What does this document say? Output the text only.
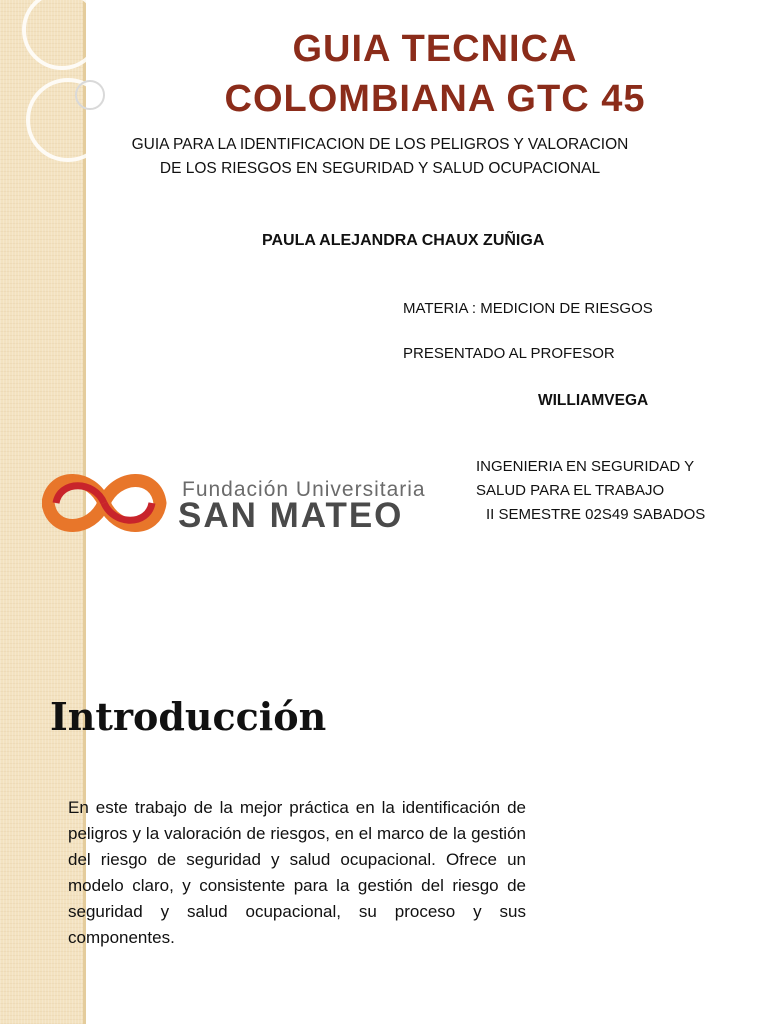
GUIA TECNICA
COLOMBIANA GTC 45
GUIA PARA LA IDENTIFICACION DE LOS PELIGROS Y VALORACION DE LOS RIESGOS EN SEGURIDAD Y SALUD OCUPACIONAL
PAULA ALEJANDRA CHAUX ZUÑIGA
MATERIA : MEDICION DE RIESGOS
PRESENTADO AL PROFESOR
WILLIAMVEGA
INGENIERIA EN SEGURIDAD Y
SALUD PARA EL TRABAJO
II SEMESTRE 02S49 SABADOS
Fundación Universitaria
SAN MATEO
Introducción
En este trabajo de la mejor práctica en la identificación de peligros y la valoración de riesgos, en el marco de la gestión del riesgo de seguridad y salud ocupacional. Ofrece un modelo claro, y consistente para la gestión del riesgo de seguridad y salud ocupacional, su proceso y sus componentes.
